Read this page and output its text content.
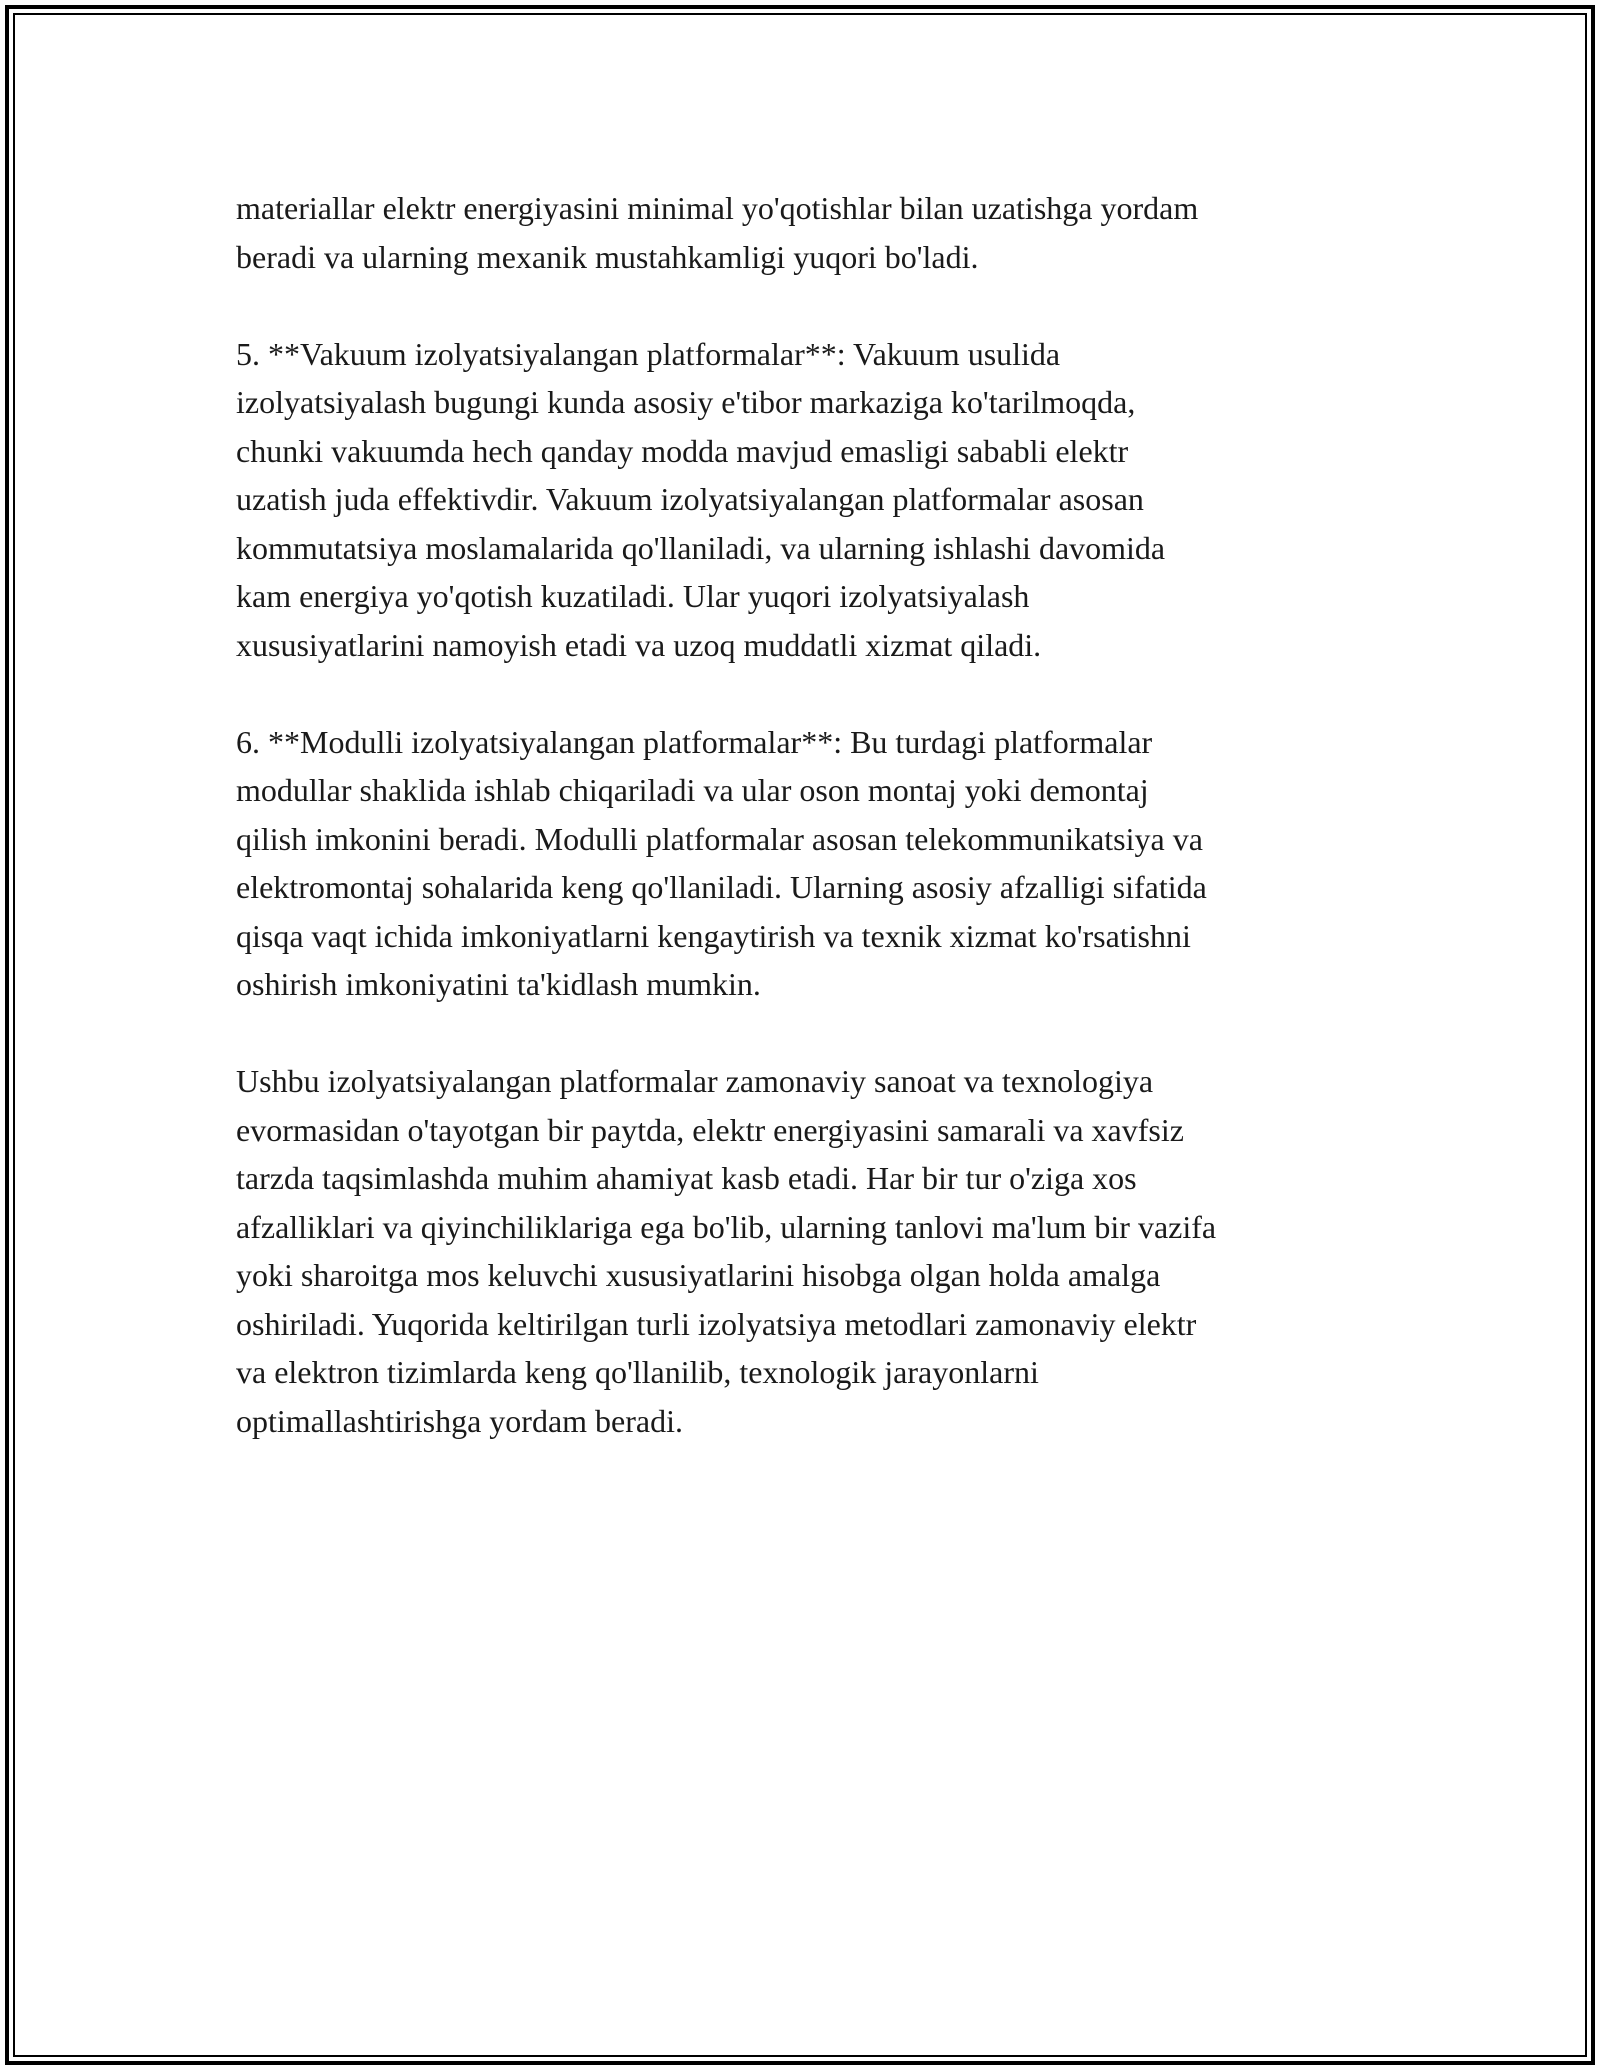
materiallar elektr energiyasini minimal yo'qotishlar bilan uzatishga yordam
beradi va ularning mexanik mustahkamligi yuqori bo'ladi.

5. **Vakuum izolyatsiyalangan platformalar**: Vakuum usulida
izolyatsiyalash bugungi kunda asosiy e'tibor markaziga ko'tarilmoqda,
chunki vakuumda hech qanday modda mavjud emasligi sababli elektr
uzatish juda effektivdir. Vakuum izolyatsiyalangan platformalar asosan
kommutatsiya moslamalarida qo'llaniladi, va ularning ishlashi davomida
kam energiya yo'qotish kuzatiladi. Ular yuqori izolyatsiyalash
xususiyatlarini namoyish etadi va uzoq muddatli xizmat qiladi.

6. **Modulli izolyatsiyalangan platformalar**: Bu turdagi platformalar
modullar shaklida ishlab chiqariladi va ular oson montaj yoki demontaj
qilish imkonini beradi. Modulli platformalar asosan telekommunikatsiya va
elektromontaj sohalarida keng qo'llaniladi. Ularning asosiy afzalligi sifatida
qisqa vaqt ichida imkoniyatlarni kengaytirish va texnik xizmat ko'rsatishni
oshirish imkoniyatini ta'kidlash mumkin.

Ushbu izolyatsiyalangan platformalar zamonaviy sanoat va texnologiya
evormasidan o'tayotgan bir paytda, elektr energiyasini samarali va xavfsiz
tarzda taqsimlashda muhim ahamiyat kasb etadi. Har bir tur o'ziga xos
afzalliklari va qiyinchiliklariga ega bo'lib, ularning tanlovi ma'lum bir vazifa
yoki sharoitga mos keluvchi xususiyatlarini hisobga olgan holda amalga
oshiriladi. Yuqorida keltirilgan turli izolyatsiya metodlari zamonaviy elektr
va elektron tizimlarda keng qo'llanilib, texnologik jarayonlarni
optimallashtirishga yordam beradi.
